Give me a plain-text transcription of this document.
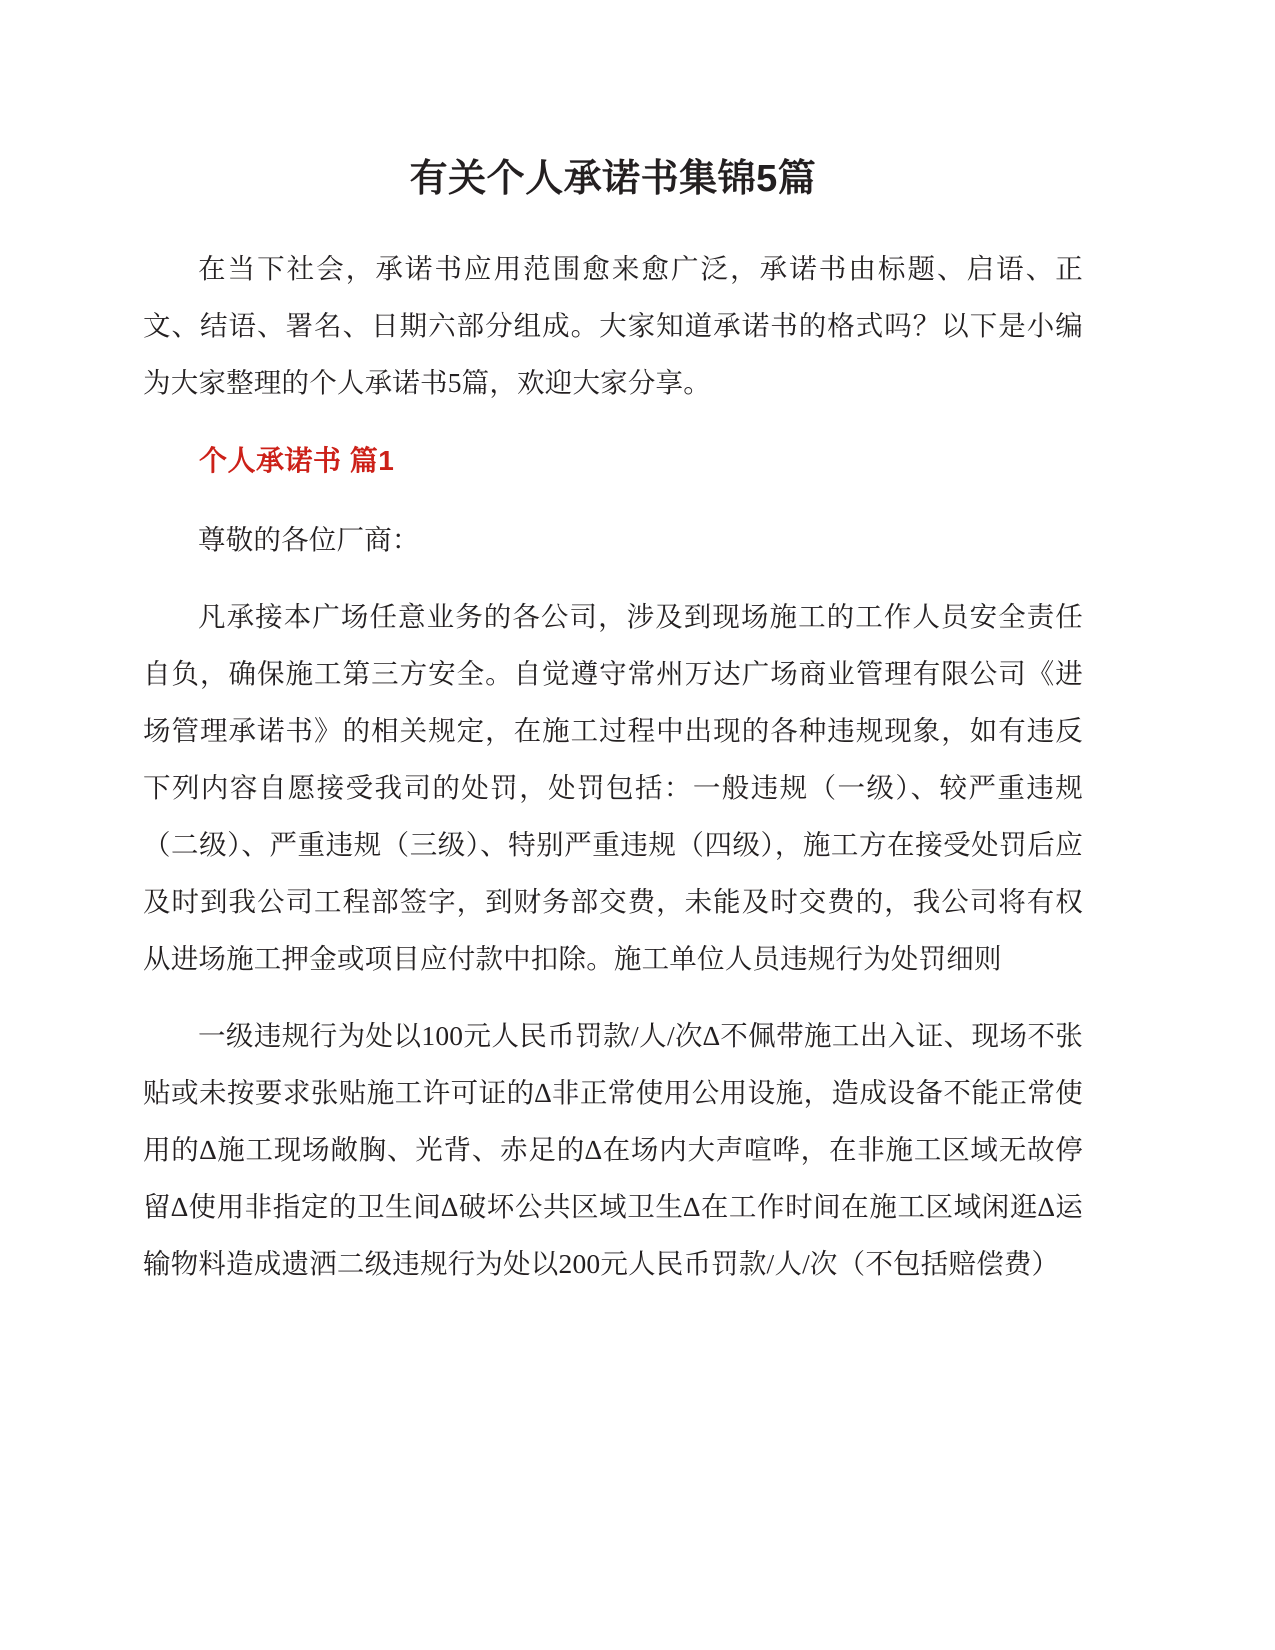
有关个人承诺书集锦5篇

在当下社会，承诺书应用范围愈来愈广泛，承诺书由标题、启语、正文、结语、署名、日期六部分组成。大家知道承诺书的格式吗？以下是小编为大家整理的个人承诺书5篇，欢迎大家分享。

个人承诺书 篇1

尊敬的各位厂商：

凡承接本广场任意业务的各公司，涉及到现场施工的工作人员安全责任自负，确保施工第三方安全。自觉遵守常州万达广场商业管理有限公司《进场管理承诺书》的相关规定，在施工过程中出现的各种违规现象，如有违反下列内容自愿接受我司的处罚，处罚包括：一般违规（一级）、较严重违规（二级）、严重违规（三级）、特别严重违规（四级），施工方在接受处罚后应及时到我公司工程部签字，到财务部交费，未能及时交费的，我公司将有权从进场施工押金或项目应付款中扣除。施工单位人员违规行为处罚细则

一级违规行为处以100元人民币罚款/人/次∆不佩带施工出入证、现场不张贴或未按要求张贴施工许可证的∆非正常使用公用设施，造成设备不能正常使用的∆施工现场敞胸、光背、赤足的∆在场内大声喧哗，在非施工区域无故停留∆使用非指定的卫生间∆破坏公共区域卫生∆在工作时间在施工区域闲逛∆运输物料造成遗洒二级违规行为处以200元人民币罚款/人/次（不包括赔偿费）
